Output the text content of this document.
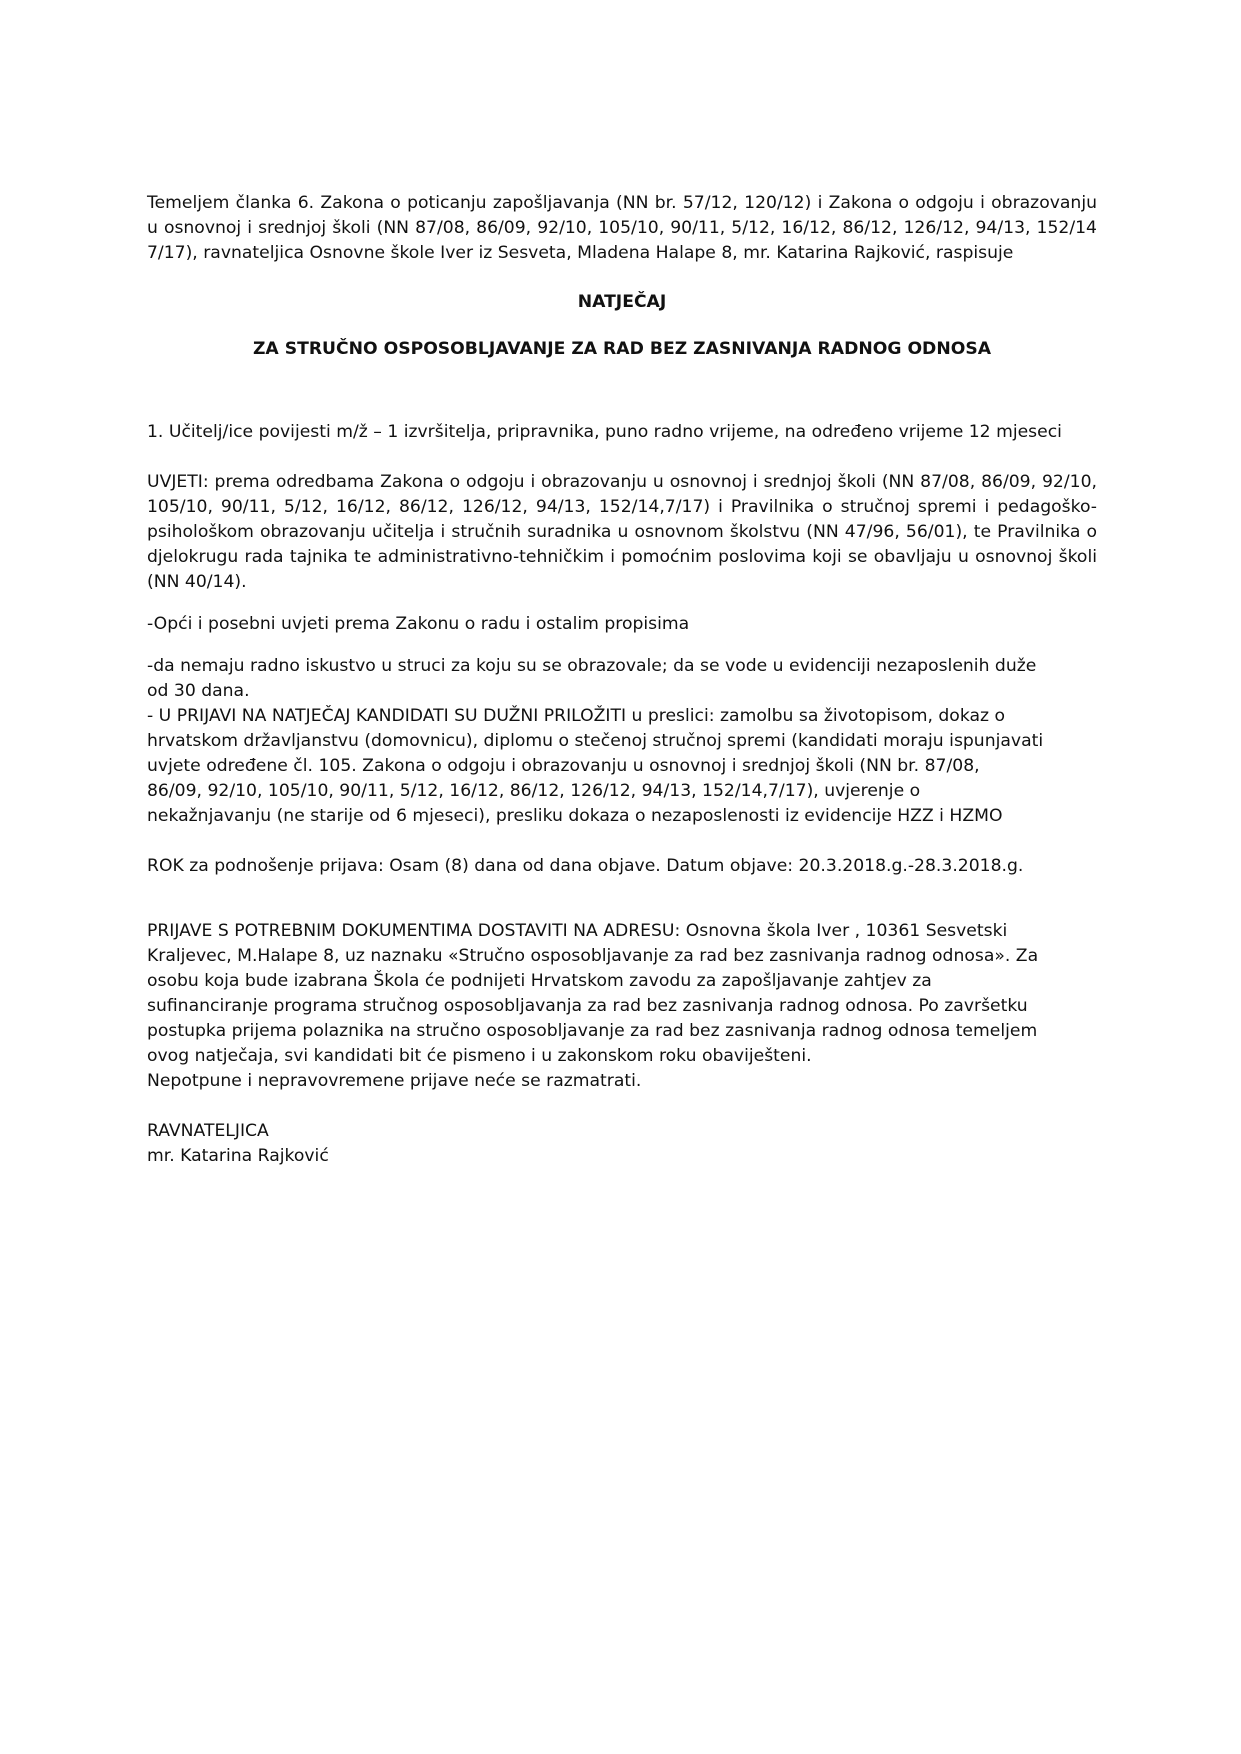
Temeljem članka 6. Zakona o poticanju zapošljavanja (NN br. 57/12, 120/12) i Zakona o odgoju i obrazovanju u osnovnoj i srednjoj školi (NN 87/08, 86/09, 92/10, 105/10, 90/11, 5/12, 16/12, 86/12, 126/12, 94/13, 152/14 7/17), ravnateljica Osnovne škole Iver iz Sesveta, Mladena Halape 8, mr. Katarina Rajković, raspisuje

NATJEČAJ

ZA STRUČNO OSPOSOBLJAVANJE ZA RAD BEZ ZASNIVANJA RADNOG ODNOSA

1. Učitelj/ice povijesti m/ž – 1 izvršitelja, pripravnika, puno radno vrijeme, na određeno vrijeme 12 mjeseci

UVJETI: prema odredbama Zakona o odgoju i obrazovanju u osnovnoj i srednjoj školi (NN 87/08, 86/09, 92/10, 105/10, 90/11, 5/12, 16/12, 86/12, 126/12, 94/13, 152/14,7/17) i Pravilnika o stručnoj spremi i pedagoško-psihološkom obrazovanju učitelja i stručnih suradnika u osnovnom školstvu (NN 47/96, 56/01), te Pravilnika o djelokrugu rada tajnika te administrativno-tehničkim i pomoćnim poslovima koji se obavljaju u osnovnoj školi (NN 40/14).

-Opći i posebni uvjeti prema Zakonu o radu i ostalim propisima

-da nemaju radno iskustvo u struci za koju su se obrazovale; da se vode u evidenciji nezaposlenih duže
od 30 dana.
- U PRIJAVI NA NATJEČAJ KANDIDATI SU DUŽNI PRILOŽITI u preslici: zamolbu sa životopisom, dokaz o
hrvatskom državljanstvu (domovnicu), diplomu o stečenoj stručnoj spremi (kandidati moraju ispunjavati
uvjete određene čl. 105. Zakona o odgoju i obrazovanju u osnovnoj i srednjoj školi (NN br. 87/08,
86/09, 92/10, 105/10, 90/11, 5/12, 16/12, 86/12, 126/12, 94/13, 152/14,7/17), uvjerenje o
nekažnjavanju (ne starije od 6 mjeseci), presliku dokaza o nezaposlenosti iz evidencije HZZ i HZMO

ROK za podnošenje prijava: Osam (8) dana od dana objave. Datum objave: 20.3.2018.g.-28.3.2018.g.

PRIJAVE S POTREBNIM DOKUMENTIMA DOSTAVITI NA ADRESU: Osnovna škola Iver , 10361 Sesvetski
Kraljevec, M.Halape 8, uz naznaku «Stručno osposobljavanje za rad bez zasnivanja radnog odnosa». Za
osobu koja bude izabrana Škola će podnijeti Hrvatskom zavodu za zapošljavanje zahtjev za
sufinanciranje programa stručnog osposobljavanja za rad bez zasnivanja radnog odnosa. Po završetku
postupka prijema polaznika na stručno osposobljavanje za rad bez zasnivanja radnog odnosa temeljem
ovog natječaja, svi kandidati bit će pismeno i u zakonskom roku obaviješteni.
Nepotpune i nepravovremene prijave neće se razmatrati.
RAVNATELJICA
mr. Katarina Rajković
